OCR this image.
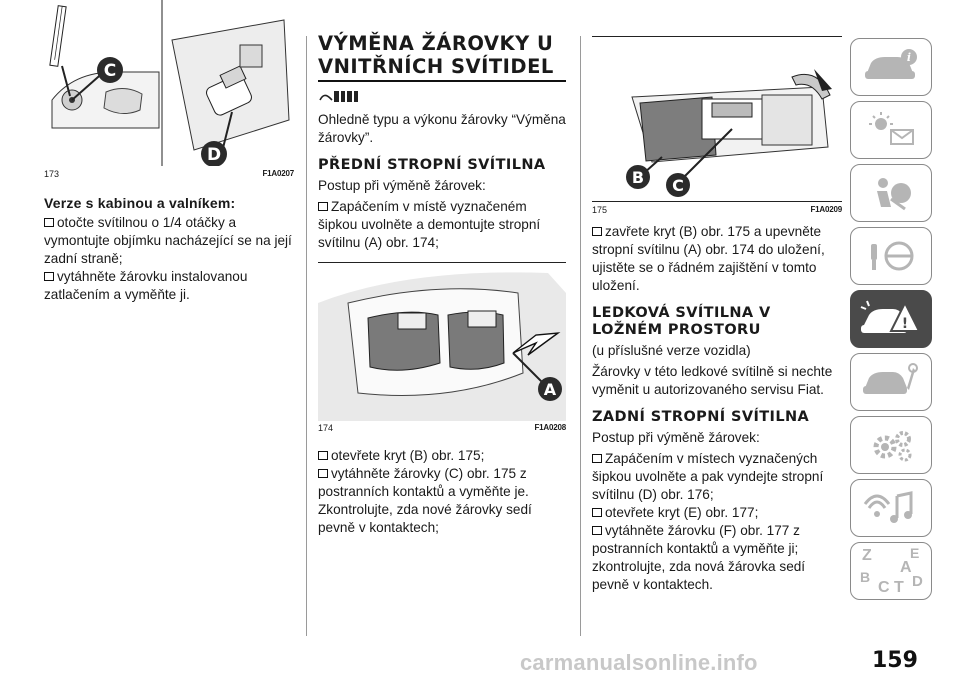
C
D
173	F1A0207
Verze s kabinou a valníkem:
otočte svítilnou o 1/4 otáčky a vymontujte objímku nacházející se na její zadní straně;
vytáhněte žárovku instalovanou zatlačením a vyměňte ji.
VÝMĚNA ŽÁROVKY U VNITŘNÍCH SVÍTIDEL
Ohledně typu a výkonu žárovky “Výměna žárovky”.
PŘEDNÍ STROPNÍ SVÍTILNA
Postup při výměně žárovek:
Zapáčením v místě vyznačeném šipkou uvolněte a demontujte stropní svítilnu (A) obr. 174;
A
174	F1A0208
otevřete kryt (B) obr. 175;
vytáhněte žárovky (C) obr. 175 z postranních kontaktů a vyměňte je. Zkontrolujte, zda nové žárovky sedí pevně v kontaktech;
B C
175	F1A0209
zavřete kryt (B) obr. 175 a upevněte stropní svítilnu (A) obr. 174 do uložení, ujistěte se o řádném zajištění v tomto uložení.
LEDKOVÁ SVÍTILNA V LOŽNÉM PROSTORU
(u příslušné verze vozidla)
Žárovky v této ledkové svítilně si nechte vyměnit u autorizovaného servisu Fiat.
ZADNÍ STROPNÍ SVÍTILNA
Postup při výměně žárovek:
Zapáčením v místech vyznačených šipkou uvolněte a pak vyndejte stropní svítilnu (D) obr. 176;
otevřete kryt (E) obr. 177;
vytáhněte žárovku (F) obr. 177 z postranních kontaktů a vyměňte ji; zkontrolujte, zda nová žárovka sedí pevně v kontaktech.
i
!
Z	E
A
B
C T D
carmanualsonline.info	159
